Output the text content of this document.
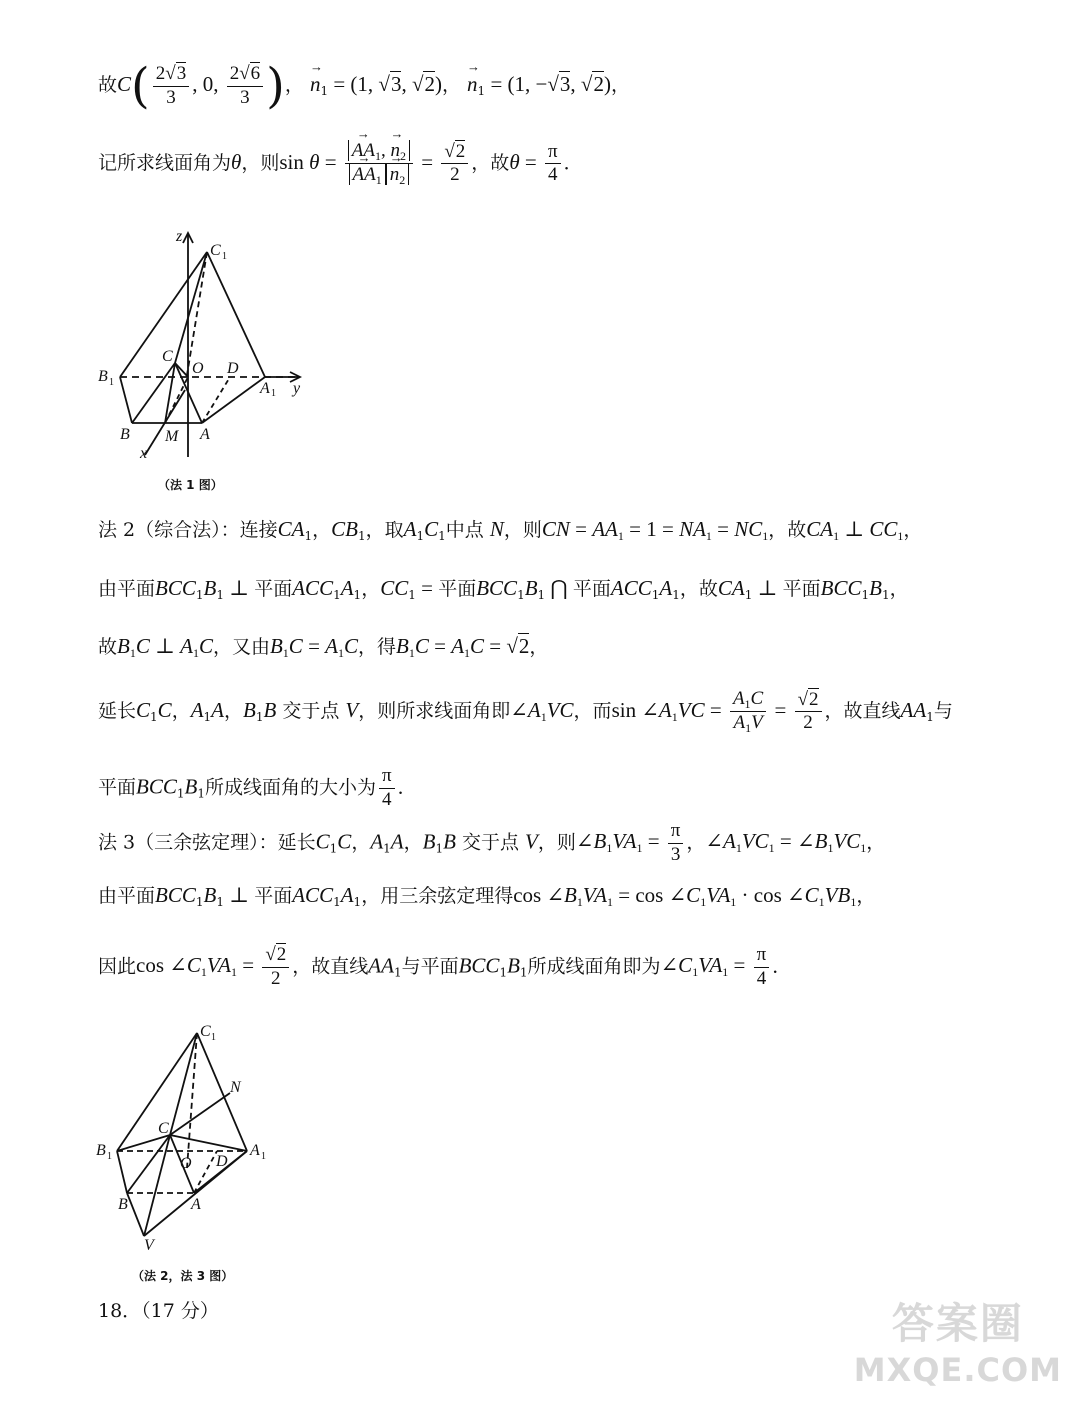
故$C( \frac{2√3}{3}$ , 0, $\frac{2√6}{3}$ )， → $n_1 = (1$, √3, √2)， → $n_1 = (1$, −√3, √2)，
记所求线面角为θ，则sin θ = → $AA_1$, → $n_2$
→ $AA_1 \to n_2 = \frac{√2}{2}$ ，故$\theta = \frac{\pi}{4}$ ．
z
C 1
B 1
C
O D
A 1 y
B M A
x
（法 1 图）
法 2（综合法）：连接$CA_1$，$CB_1$，取$A_1C_1$中点 N，则CN = $AA_1 = 1 = NA_1 = NC_1$，故$CA_1$ ⊥ $CC_1$，
由平面$BCC_1B_1$ ⊥ 平面$ACC_1A_1$，$CC_1$ = 平面$BCC_1B_1$ ⋂ 平面$ACC_1A_1$，故$CA_1$ ⊥ 平面$BCC_1B_1$，
故$B_1C$ ⊥ $A_1C$，又由$B_1C = A_1C$，得$B_1C = A_1C = √2$，
延长$C_1C$，$A_1A$，$B_1B$ 交于点 V，则所求线面角即$\angle A_1VC$，而$\sin \angle A_1VC = \frac{A_1C}{A_1V} = \frac{√2}{2}$ ，故直线$AA_1$与
平面$BCC_1B_1$所成线面角的大小为 $\frac{\pi}{4}$ ．
法 3（三余弦定理）：延长$C_1C$，$A_1A$，$B_1B$ 交于点 V，则$\angle B_1VA_1 = \frac{\pi}{3}$ ，$\angle A_1VC_1$ = $\angle B_1VC_1$，
由平面$BCC_1B_1$ ⊥ 平面$ACC_1A_1$，用三余弦定理得$\cos \angle B_1VA_1 = \cos$ $\angle C_1VA_1 \cdot \cos$ $\angle C_1VB_1$，
因此$\cos \angle C_1VA_1 = \frac{√2}{2}$ ，故直线$AA_1$与平面$BCC_1B_1$所成线面角即为$\angle C_1VA_1 = \frac{\pi}{4}$ ．
C 1
N
C
B 1	O D
A 1
B	A
V
（法 2，法 3 图）
18．（17 分）	答案圈
MXQE.COM
